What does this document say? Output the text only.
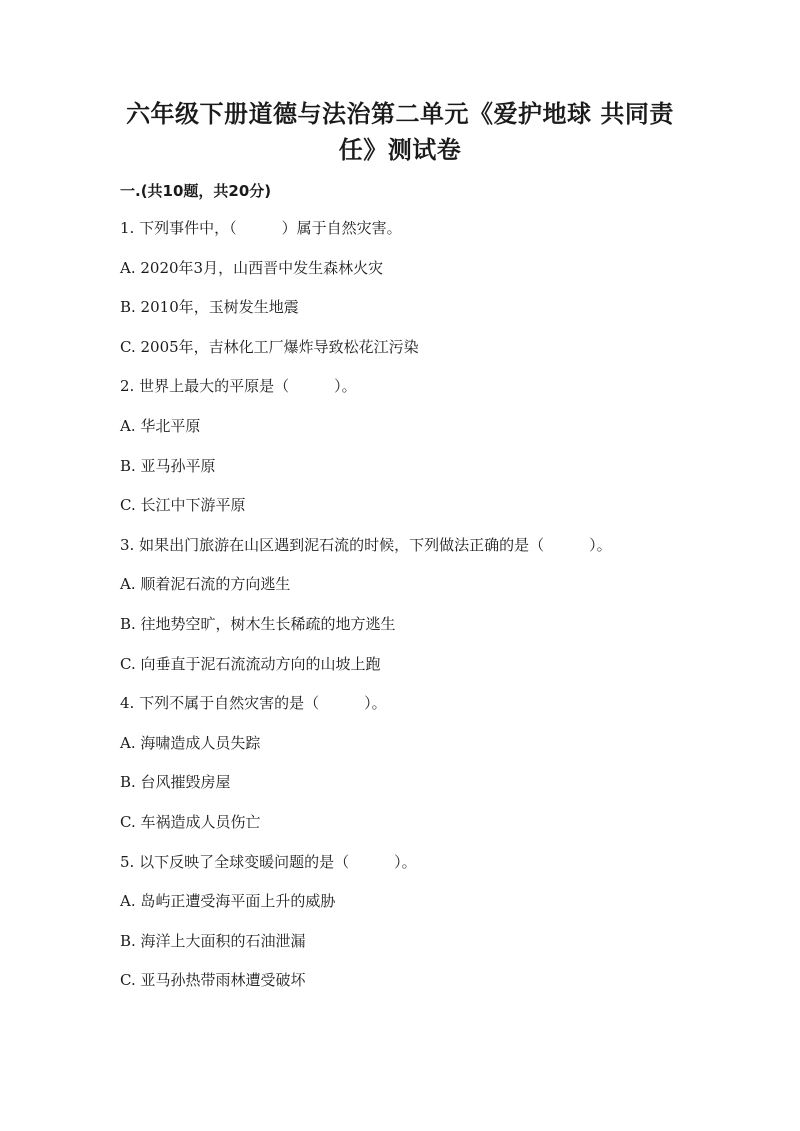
六年级下册道德与法治第二单元《爱护地球 共同责
任》测试卷
一.(共10题，共20分)
1. 下列事件中，（　　　）属于自然灾害。
A. 2020年3月，山西晋中发生森林火灾
B. 2010年，玉树发生地震
C. 2005年，吉林化工厂爆炸导致松花江污染
2. 世界上最大的平原是（　　　）。
A. 华北平原
B. 亚马孙平原
C. 长江中下游平原
3. 如果出门旅游在山区遇到泥石流的时候，下列做法正确的是（　　　）。
A. 顺着泥石流的方向逃生
B. 往地势空旷，树木生长稀疏的地方逃生
C. 向垂直于泥石流流动方向的山坡上跑
4. 下列不属于自然灾害的是（　　　）。
A. 海啸造成人员失踪
B. 台风摧毁房屋
C. 车祸造成人员伤亡
5. 以下反映了全球变暖问题的是（　　　）。
A. 岛屿正遭受海平面上升的威胁
B. 海洋上大面积的石油泄漏
C. 亚马孙热带雨林遭受破坏
